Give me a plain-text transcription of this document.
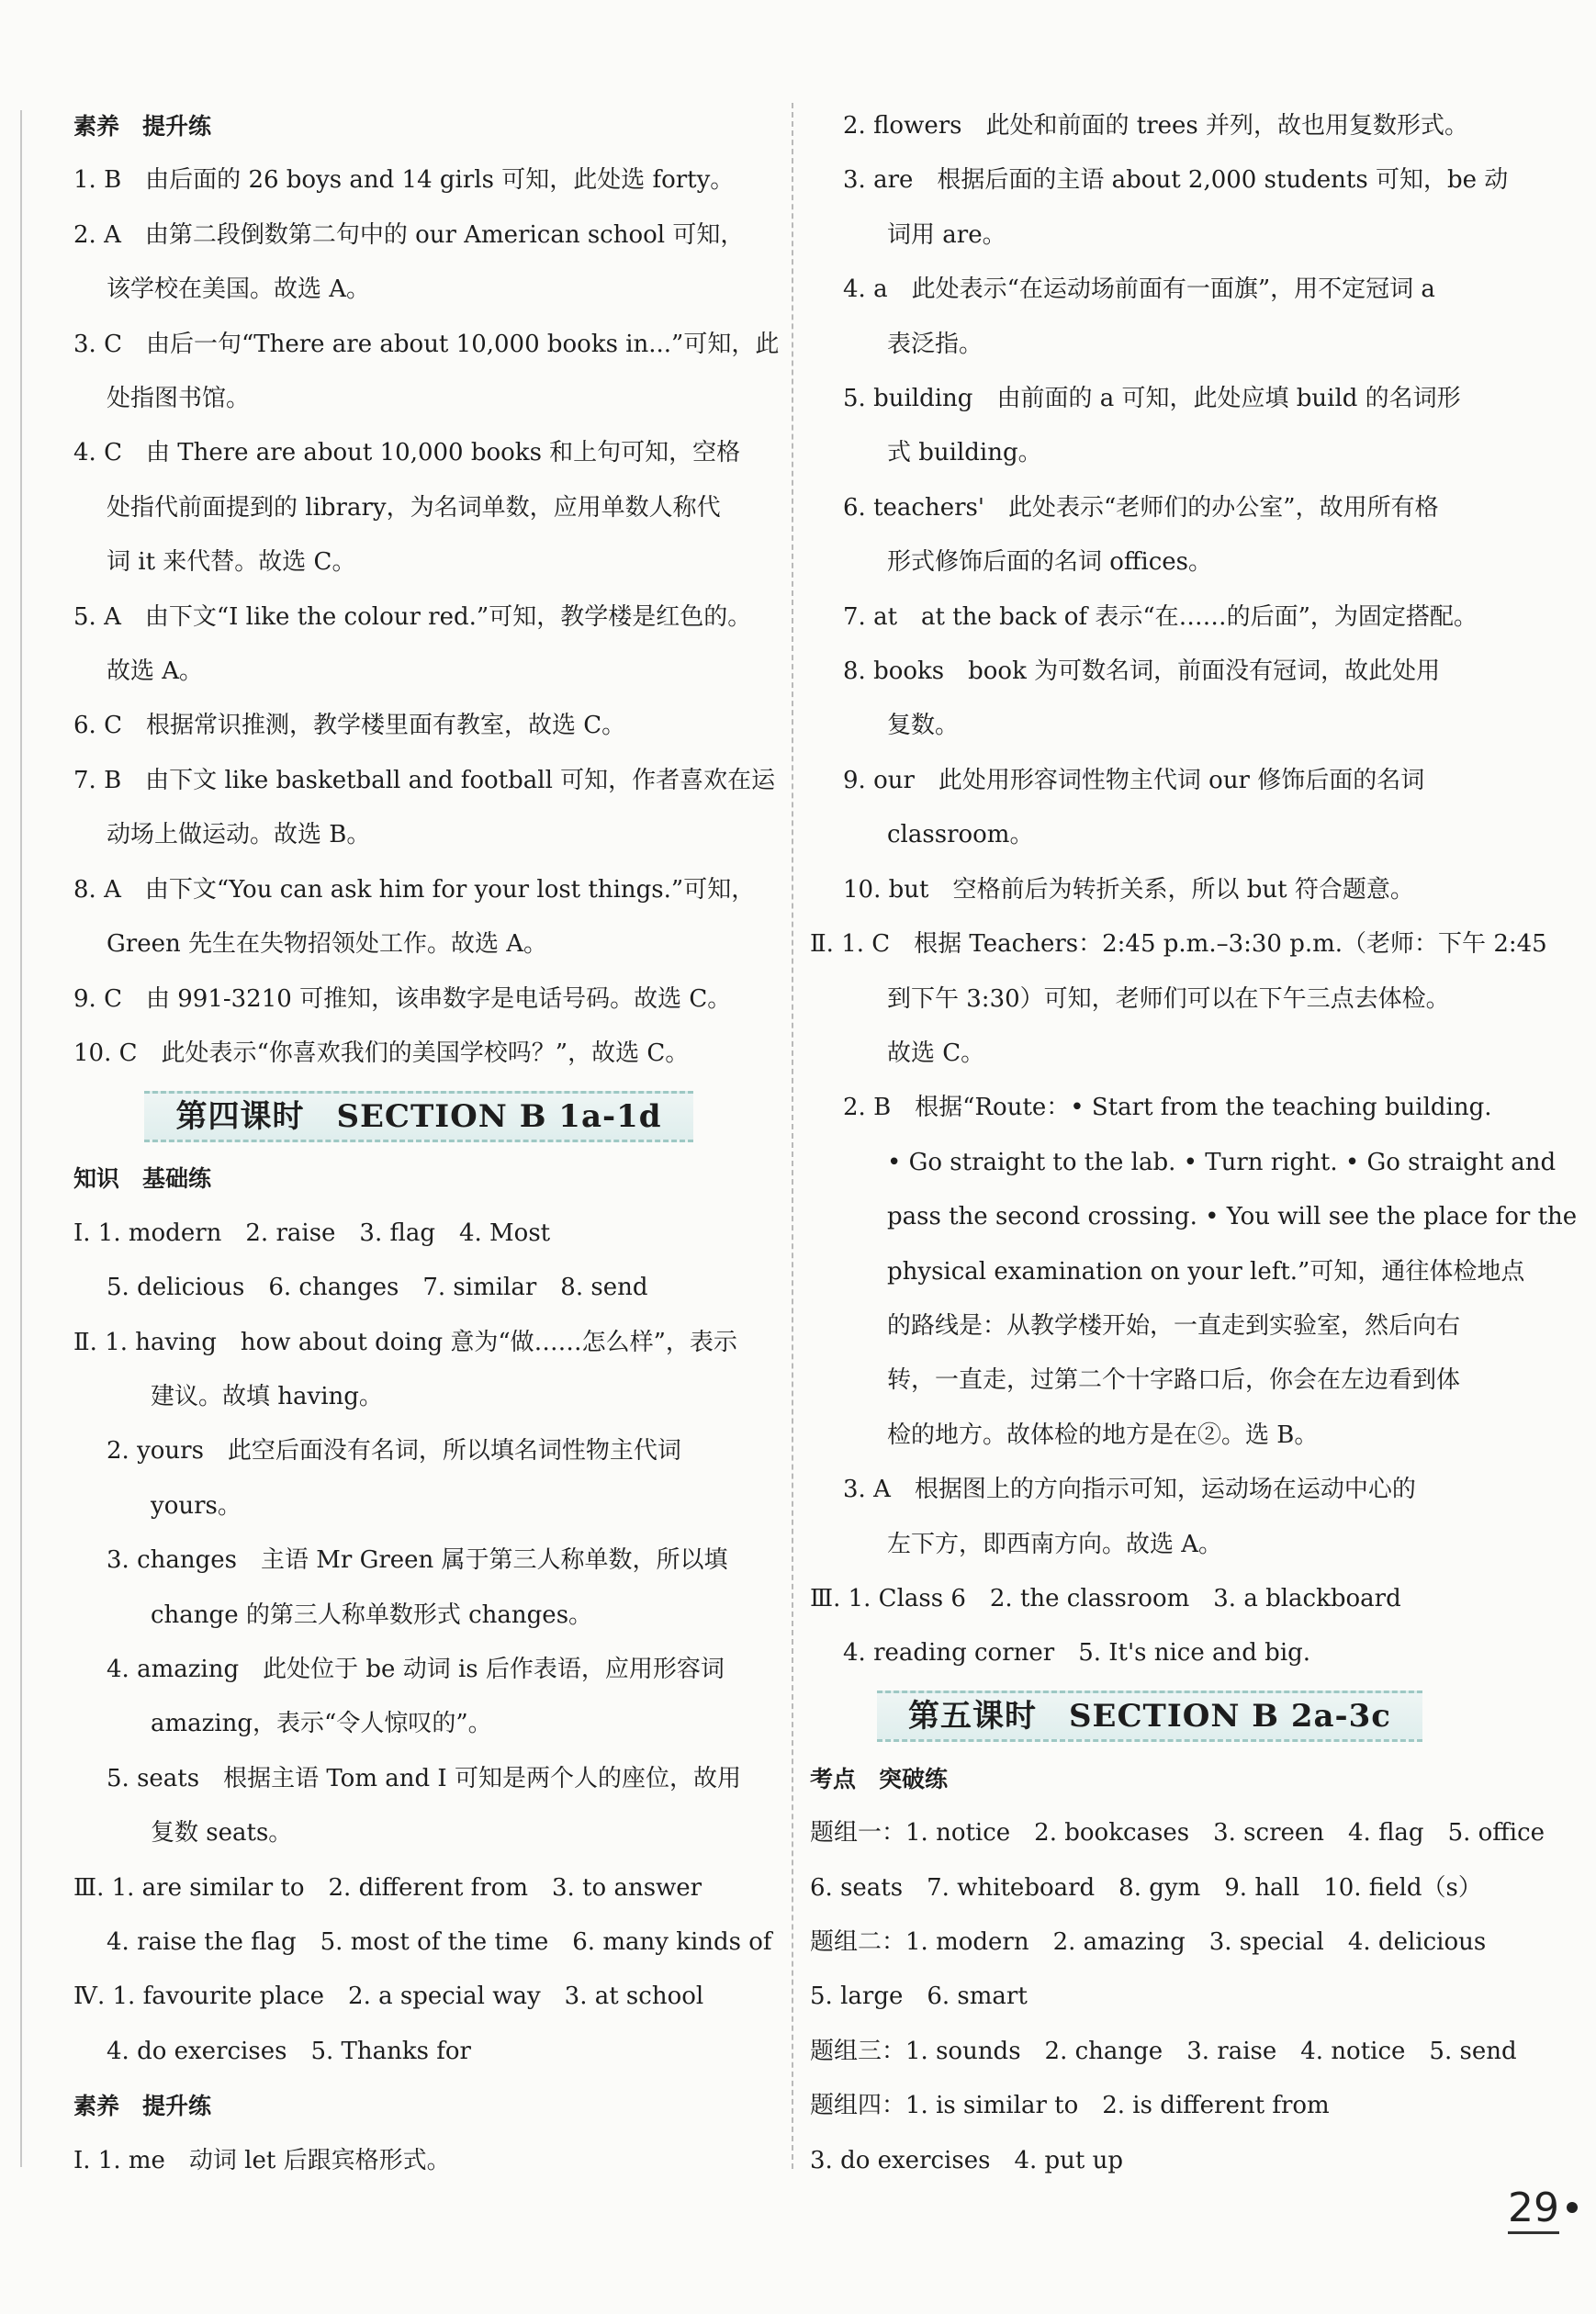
素养　提升练
1. B　由后面的 26 boys and 14 girls 可知，此处选 forty。
2. A　由第二段倒数第二句中的 our American school 可知，
该学校在美国。故选 A。
3. C　由后一句“There are about 10,000 books in...”可知，此
处指图书馆。
4. C　由 There are about 10,000 books 和上句可知，空格
处指代前面提到的 library，为名词单数，应用单数人称代
词 it 来代替。故选 C。
5. A　由下文“I like the colour red.”可知，教学楼是红色的。
故选 A。
6. C　根据常识推测，教学楼里面有教室，故选 C。
7. B　由下文 like basketball and football 可知，作者喜欢在运
动场上做运动。故选 B。
8. A　由下文“You can ask him for your lost things.”可知，
Green 先生在失物招领处工作。故选 A。
9. C　由 991-3210 可推知，该串数字是电话号码。故选 C。
10. C　此处表示“你喜欢我们的美国学校吗？”，故选 C。
第四课时　SECTION B 1a-1d
知识　基础练
Ⅰ. 1. modern　2. raise　3. flag　4. Most
5. delicious　6. changes　7. similar　8. send
Ⅱ. 1. having　how about doing 意为“做……怎么样”，表示
建议。故填 having。
2. yours　此空后面没有名词，所以填名词性物主代词
yours。
3. changes　主语 Mr Green 属于第三人称单数，所以填
change 的第三人称单数形式 changes。
4. amazing　此处位于 be 动词 is 后作表语，应用形容词
amazing，表示“令人惊叹的”。
5. seats　根据主语 Tom and I 可知是两个人的座位，故用
复数 seats。
Ⅲ. 1. are similar to　2. different from　3. to answer
4. raise the flag　5. most of the time　6. many kinds of
Ⅳ. 1. favourite place　2. a special way　3. at school
4. do exercises　5. Thanks for
素养　提升练
Ⅰ. 1. me　动词 let 后跟宾格形式。
2. flowers　此处和前面的 trees 并列，故也用复数形式。
3. are　根据后面的主语 about 2,000 students 可知，be 动
词用 are。
4. a　此处表示“在运动场前面有一面旗”，用不定冠词 a
表泛指。
5. building　由前面的 a 可知，此处应填 build 的名词形
式 building。
6. teachers'　此处表示“老师们的办公室”，故用所有格
形式修饰后面的名词 offices。
7. at　at the back of 表示“在……的后面”，为固定搭配。
8. books　book 为可数名词，前面没有冠词，故此处用
复数。
9. our　此处用形容词性物主代词 our 修饰后面的名词
classroom。
10. but　空格前后为转折关系，所以 but 符合题意。
Ⅱ. 1. C　根据 Teachers：2:45 p.m.–3:30 p.m.（老师：下午 2:45
到下午 3:30）可知，老师们可以在下午三点去体检。
故选 C。
2. B　根据“Route：• Start from the teaching building.
• Go straight to the lab. • Turn right. • Go straight and
pass the second crossing. • You will see the place for the
physical examination on your left.”可知，通往体检地点
的路线是：从教学楼开始，一直走到实验室，然后向右
转，一直走，过第二个十字路口后，你会在左边看到体
检的地方。故体检的地方是在②。选 B。
3. A　根据图上的方向指示可知，运动场在运动中心的
左下方，即西南方向。故选 A。
Ⅲ. 1. Class 6　2. the classroom　3. a blackboard
4. reading corner　5. It's nice and big.
第五课时　SECTION B 2a-3c
考点　突破练
题组一：1. notice　2. bookcases　3. screen　4. flag　5. office
6. seats　7. whiteboard　8. gym　9. hall　10. field（s）
题组二：1. modern　2. amazing　3. special　4. delicious
5. large　6. smart
题组三：1. sounds　2. change　3. raise　4. notice　5. send
题组四：1. is similar to　2. is different from
3. do exercises　4. put up
29
